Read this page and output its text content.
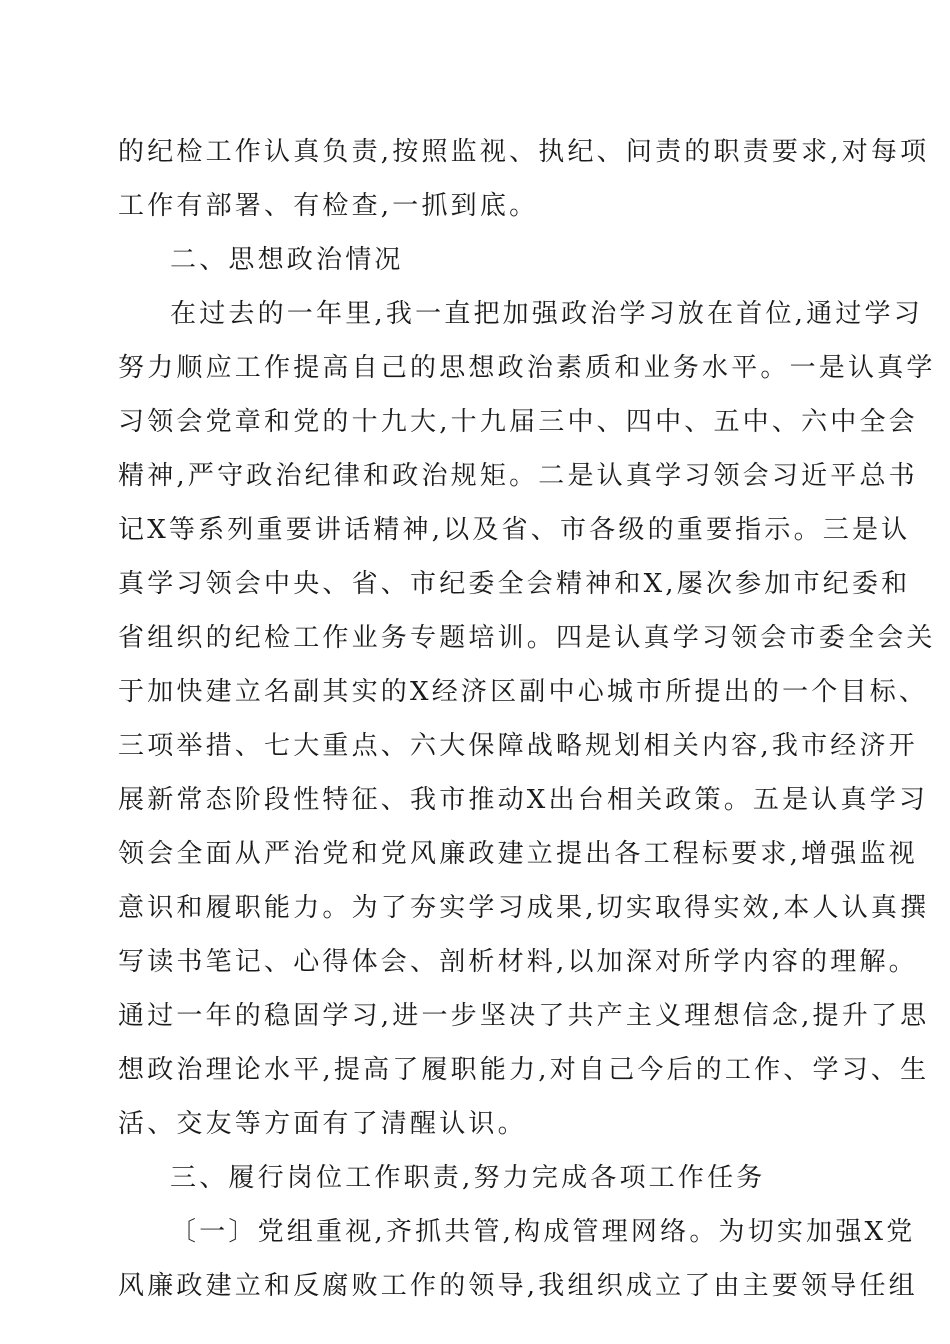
的纪检工作认真负责,按照监视、执纪、问责的职责要求,对每项
工作有部署、有检查,一抓到底。
二、思想政治情况
在过去的一年里,我一直把加强政治学习放在首位,通过学习
努力顺应工作提高自己的思想政治素质和业务水平。一是认真学
习领会党章和党的十九大,十九届三中、四中、五中、六中全会
精神,严守政治纪律和政治规矩。二是认真学习领会习近平总书
记X等系列重要讲话精神,以及省、市各级的重要指示。三是认
真学习领会中央、省、市纪委全会精神和X,屡次参加市纪委和
省组织的纪检工作业务专题培训。四是认真学习领会市委全会关
于加快建立名副其实的X经济区副中心城市所提出的一个目标、
三项举措、七大重点、六大保障战略规划相关内容,我市经济开
展新常态阶段性特征、我市推动X出台相关政策。五是认真学习
领会全面从严治党和党风廉政建立提出各工程标要求,增强监视
意识和履职能力。为了夯实学习成果,切实取得实效,本人认真撰
写读书笔记、心得体会、剖析材料,以加深对所学内容的理解。
通过一年的稳固学习,进一步坚决了共产主义理想信念,提升了思
想政治理论水平,提高了履职能力,对自己今后的工作、学习、生
活、交友等方面有了清醒认识。
三、履行岗位工作职责,努力完成各项工作任务
〔一〕党组重视,齐抓共管,构成管理网络。为切实加强X党
风廉政建立和反腐败工作的领导,我组织成立了由主要领导任组
